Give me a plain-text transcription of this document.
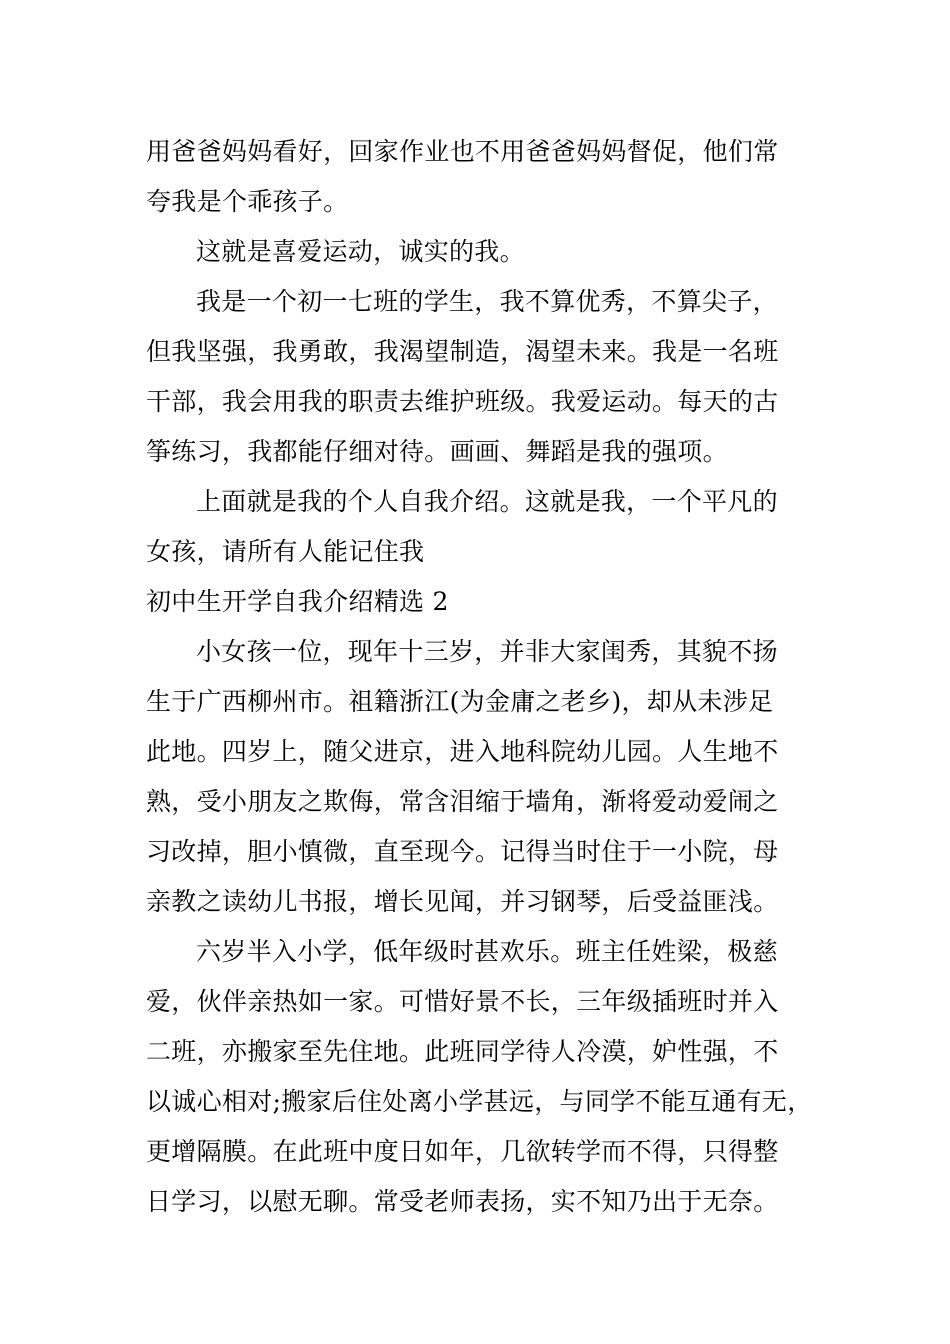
用爸爸妈妈看好，回家作业也不用爸爸妈妈督促，他们常
夸我是个乖孩子。
这就是喜爱运动，诚实的我。
我是一个初一七班的学生，我不算优秀，不算尖子，
但我坚强，我勇敢，我渴望制造，渴望未来。我是一名班
干部，我会用我的职责去维护班级。我爱运动。每天的古
筝练习，我都能仔细对待。画画、舞蹈是我的强项。
上面就是我的个人自我介绍。这就是我，一个平凡的
女孩，请所有人能记住我
初中生开学自我介绍精选 2
小女孩一位，现年十三岁，并非大家闺秀，其貌不扬
生于广西柳州市。祖籍浙江(为金庸之老乡)，却从未涉足
此地。四岁上，随父进京，进入地科院幼儿园。人生地不
熟，受小朋友之欺侮，常含泪缩于墙角，渐将爱动爱闹之
习改掉，胆小慎微，直至现今。记得当时住于一小院，母
亲教之读幼儿书报，增长见闻，并习钢琴，后受益匪浅。
六岁半入小学，低年级时甚欢乐。班主任姓梁，极慈
爱，伙伴亲热如一家。可惜好景不长，三年级插班时并入
二班，亦搬家至先住地。此班同学待人冷漠，妒性强，不
以诚心相对;搬家后住处离小学甚远，与同学不能互通有无，
更增隔膜。在此班中度日如年，几欲转学而不得，只得整
日学习，以慰无聊。常受老师表扬，实不知乃出于无奈。
